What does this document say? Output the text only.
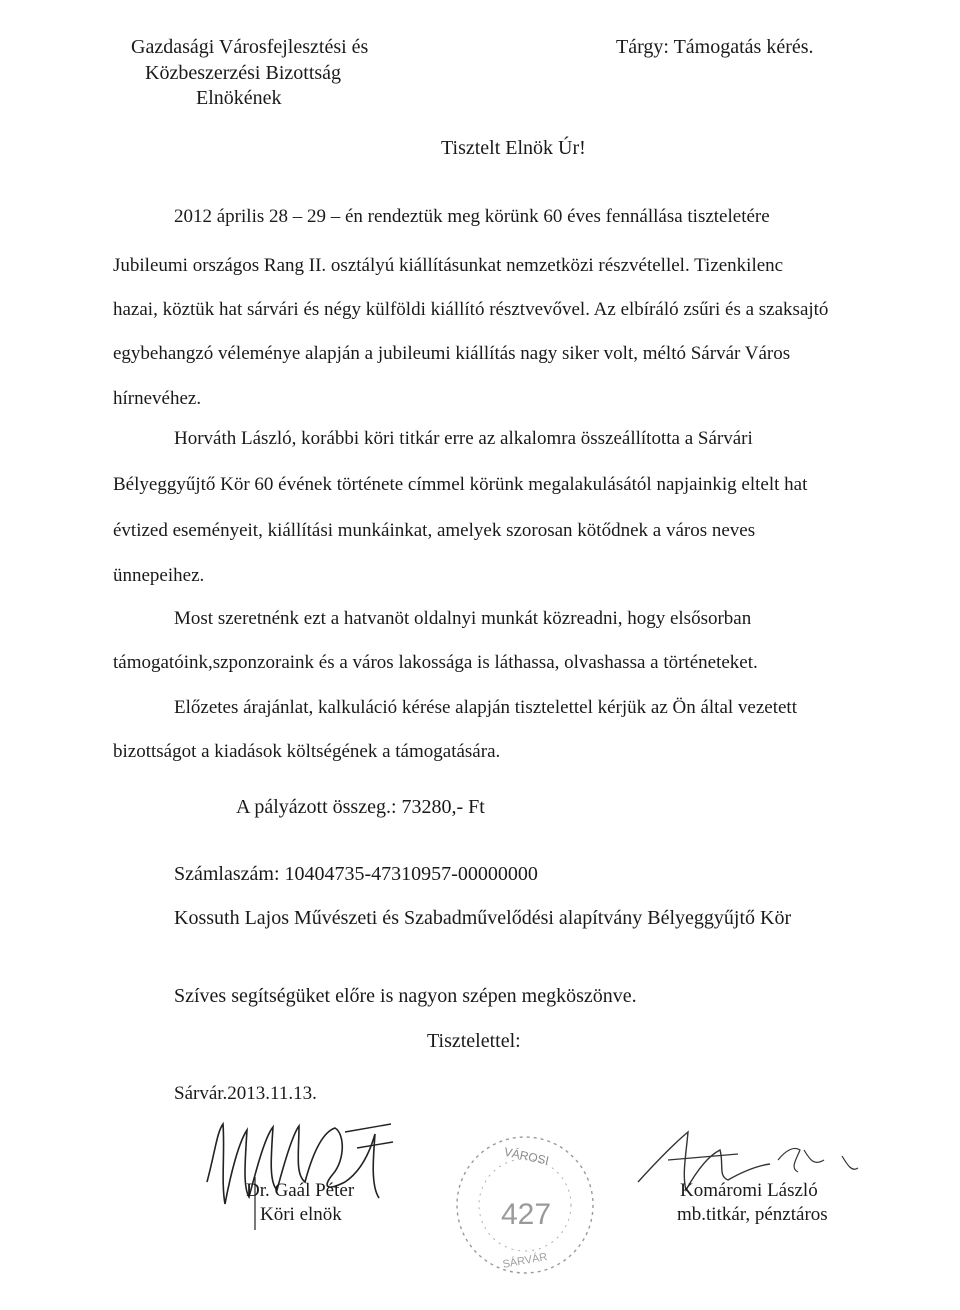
Gazdasági Városfejlesztési és
Közbeszerzési Bizottság
Elnökének
Tárgy: Támogatás kérés.
Tisztelt Elnök Úr!
2012 április 28 – 29 – én rendeztük meg körünk 60 éves fennállása tiszteletére
Jubileumi országos Rang II. osztályú kiállításunkat nemzetközi részvétellel. Tizenkilenc
hazai, köztük hat sárvári és négy külföldi kiállító résztvevővel. Az elbíráló zsűri és a szaksajtó
egybehangzó véleménye alapján a jubileumi kiállítás nagy siker volt, méltó Sárvár Város
hírnevéhez.
Horváth László, korábbi köri titkár erre az alkalomra összeállította a Sárvári
Bélyeggyűjtő Kör 60 évének története címmel körünk megalakulásától napjainkig eltelt hat
évtized eseményeit, kiállítási munkáinkat, amelyek szorosan kötődnek a város neves
ünnepeihez.
Most szeretnénk ezt a hatvanöt oldalnyi munkát közreadni, hogy elsősorban
támogatóink,szponzoraink és a város lakossága is láthassa, olvashassa a történeteket.
Előzetes árajánlat, kalkuláció kérése alapján tisztelettel kérjük az Ön által vezetett
bizottságot a kiadások költségének a támogatására.
A pályázott összeg.: 73280,- Ft
Számlaszám: 10404735-47310957-00000000
Kossuth Lajos Művészeti és Szabadművelődési alapítvány Bélyeggyűjtő Kör
Szíves segítségüket előre is nagyon szépen megköszönve.
Tisztelettel:
Sárvár.2013.11.13.
Dr. Gaál Péter
Köri elnök
VÁROSI
427
SÁRVÁR
Komáromi László
mb.titkár, pénztáros
